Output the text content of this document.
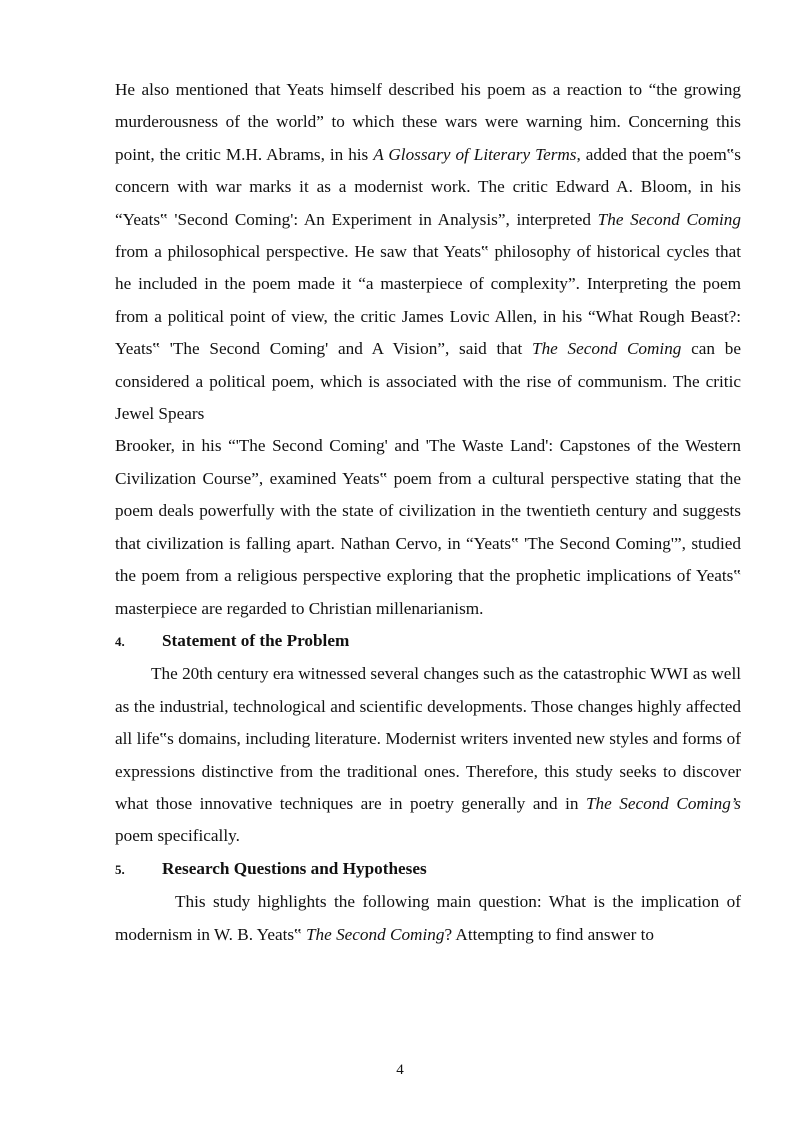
He also mentioned that Yeats himself described his poem as a reaction to “the growing murderousness of the world” to which these wars were warning him. Concerning this point, the critic M.H. Abrams, in his A Glossary of Literary Terms, added that the poem‟s concern with war marks it as a modernist work. The critic Edward A. Bloom, in his “Yeats‟ 'Second Coming': An Experiment in Analysis”, interpreted The Second Coming from a philosophical perspective. He saw that Yeats‟ philosophy of historical cycles that he included in the poem made it “a masterpiece of complexity”. Interpreting the poem from a political point of view, the critic James Lovic Allen, in his “What Rough Beast?: Yeats‟ 'The Second Coming' and A Vision”, said that The Second Coming can be considered a political poem, which is associated with the rise of communism. The critic Jewel Spears

Brooker, in his “'The Second Coming' and 'The Waste Land': Capstones of the Western Civilization Course”, examined Yeats‟ poem from a cultural perspective stating that the poem deals powerfully with the state of civilization in the twentieth century and suggests that civilization is falling apart. Nathan Cervo, in “Yeats‟ 'The Second Coming'”, studied the poem from a religious perspective exploring that the prophetic implications of Yeats‟ masterpiece are regarded to Christian millenarianism.

4.	Statement of the Problem

The 20th century era witnessed several changes such as the catastrophic WWI as well as the industrial, technological and scientific developments. Those changes highly affected all life‟s domains, including literature. Modernist writers invented new styles and forms of expressions distinctive from the traditional ones. Therefore, this study seeks to discover what those innovative techniques are in poetry generally and in The Second Coming’s poem specifically.

5.	Research Questions and Hypotheses

This study highlights the following main question: What is the implication of modernism in W. B. Yeats‟ The Second Coming? Attempting to find answer to

4
